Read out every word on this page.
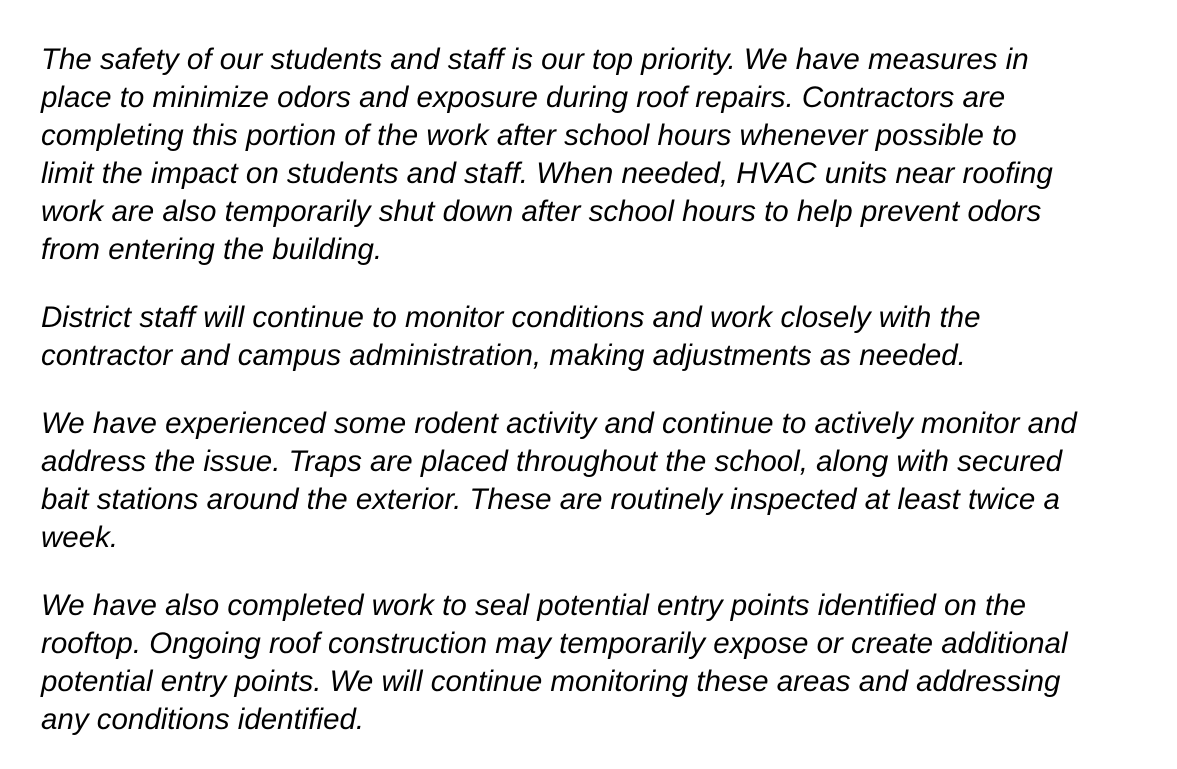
The safety of our students and staff is our top priority. We have measures in
place to minimize odors and exposure during roof repairs. Contractors are
completing this portion of the work after school hours whenever possible to
limit the impact on students and staff. When needed, HVAC units near roofing
work are also temporarily shut down after school hours to help prevent odors
from entering the building.

District staff will continue to monitor conditions and work closely with the
contractor and campus administration, making adjustments as needed.

We have experienced some rodent activity and continue to actively monitor and
address the issue. Traps are placed throughout the school, along with secured
bait stations around the exterior. These are routinely inspected at least twice a
week.

We have also completed work to seal potential entry points identified on the
rooftop. Ongoing roof construction may temporarily expose or create additional
potential entry points. We will continue monitoring these areas and addressing
any conditions identified.
